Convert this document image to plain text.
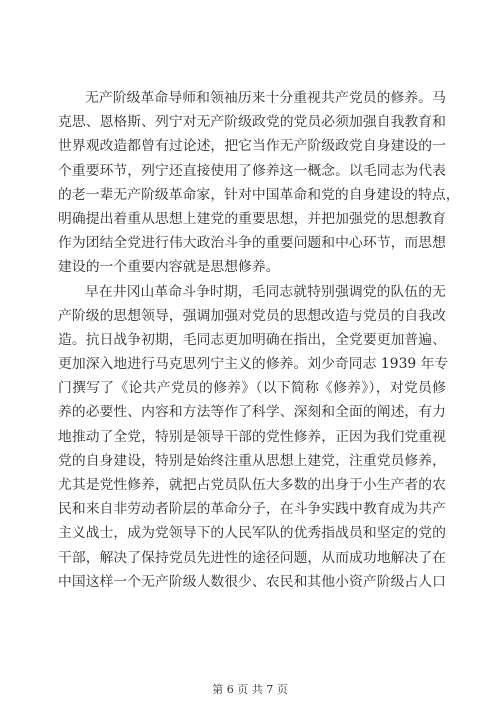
无产阶级革命导师和领袖历来十分重视共产党员的修养。马
克思、恩格斯、列宁对无产阶级政党的党员必须加强自我教育和
世界观改造都曾有过论述，把它当作无产阶级政党自身建设的一
个重要环节，列宁还直接使用了修养这一概念。以毛同志为代表
的老一辈无产阶级革命家，针对中国革命和党的自身建设的特点，
明确提出着重从思想上建党的重要思想，并把加强党的思想教育
作为团结全党进行伟大政治斗争的重要问题和中心环节，而思想
建设的一个重要内容就是思想修养。
早在井冈山革命斗争时期，毛同志就特别强调党的队伍的无
产阶级的思想领导，强调加强对党员的思想改造与党员的自我改
造。抗日战争初期，毛同志更加明确在指出，全党要更加普遍、
更加深入地进行马克思列宁主义的修养。刘少奇同志 1939 年专
门撰写了《论共产党员的修养》（以下简称《修养》），对党员修
养的必要性、内容和方法等作了科学、深刻和全面的阐述，有力
地推动了全党，特别是领导干部的党性修养，正因为我们党重视
党的自身建设，特别是始终注重从思想上建党，注重党员修养，
尤其是党性修养，就把占党员队伍大多数的出身于小生产者的农
民和来自非劳动者阶层的革命分子，在斗争实践中教育成为共产
主义战士，成为党领导下的人民军队的优秀指战员和坚定的党的
干部，解决了保持党员先进性的途径问题，从而成功地解决了在
中国这样一个无产阶级人数很少、农民和其他小资产阶级占人口
第 6 页 共 7 页
